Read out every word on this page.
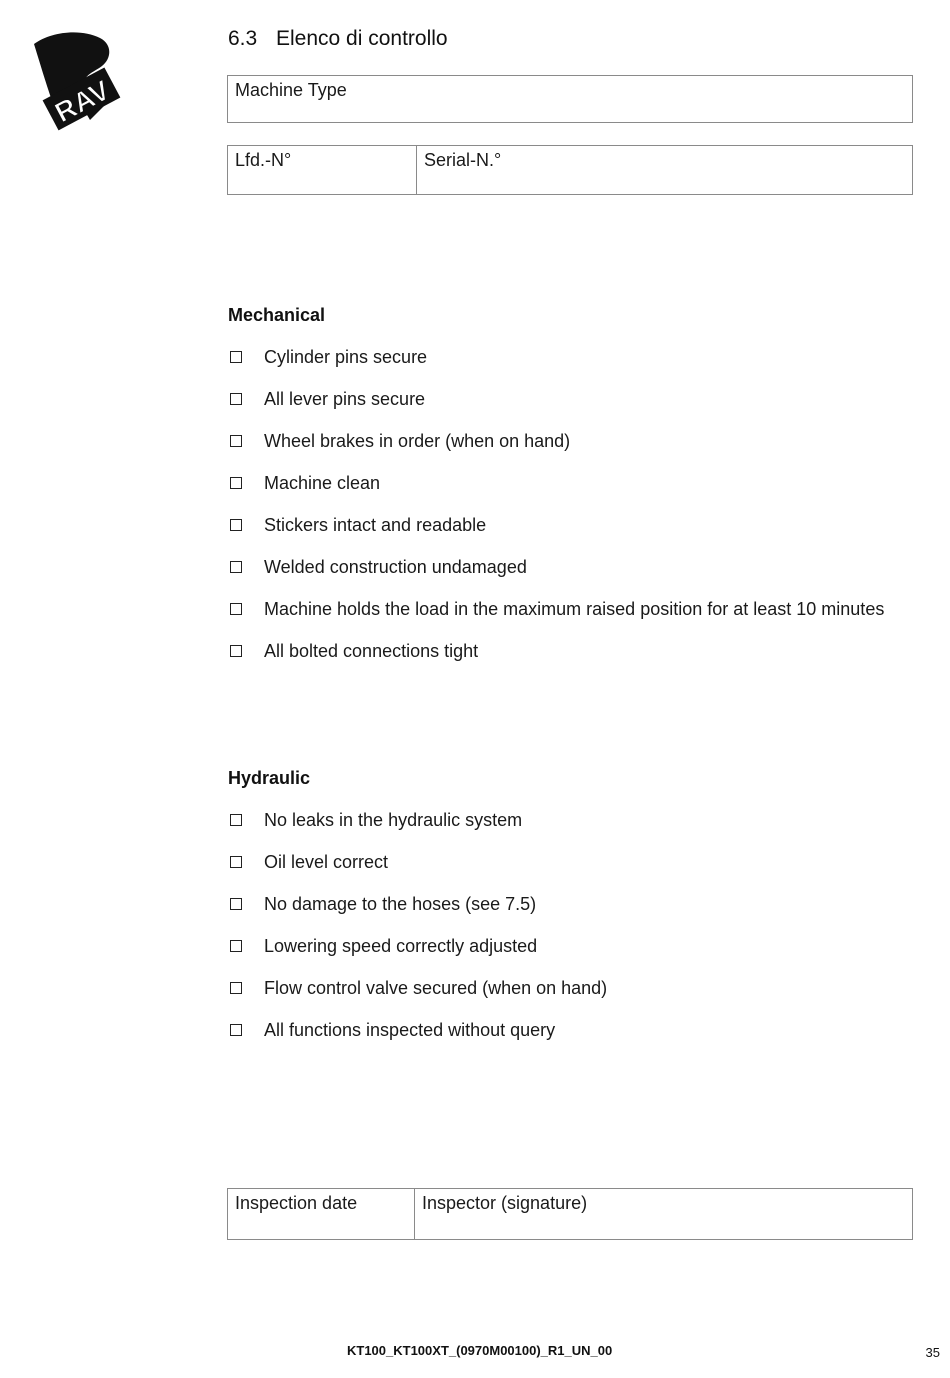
RAV
6.3 Elenco di controllo
Machine Type
Lfd.-N°	Serial-N.°
Mechanical
Cylinder pins secure
All lever pins secure
Wheel brakes in order (when on hand)
Machine clean
Stickers intact and readable
Welded construction undamaged
Machine holds the load in the maximum raised position for at least 10 minutes
All bolted connections tight
Hydraulic
No leaks in the hydraulic system
Oil level correct
No damage to the hoses (see 7.5)
Lowering speed correctly adjusted
Flow control valve secured (when on hand)
All functions inspected without query
Inspection date	Inspector (signature)
KT100_KT100XT_(0970M00100)_R1_UN_00	35
